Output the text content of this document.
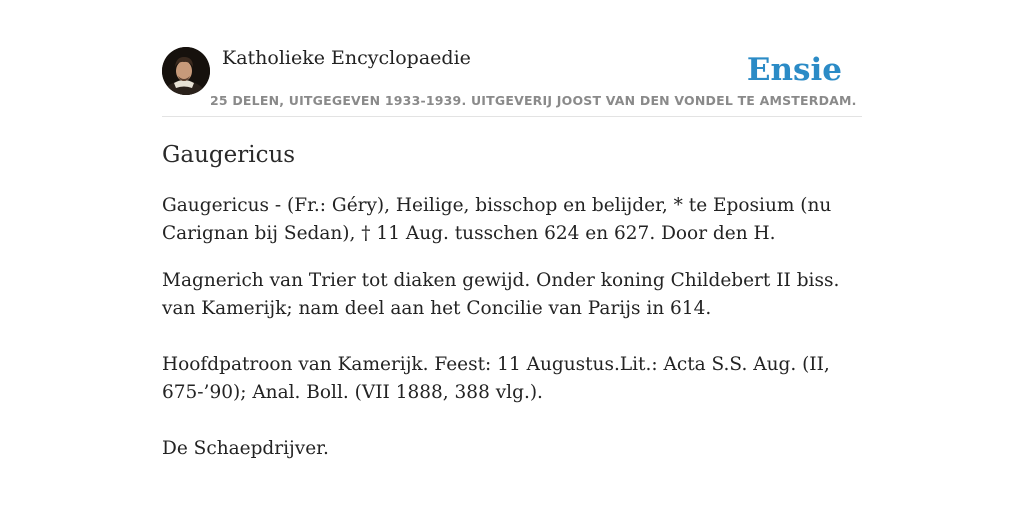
Katholieke Encyclopaedie
25 DELEN, UITGEGEVEN 1933-1939. UITGEVERIJ JOOST VAN DEN VONDEL TE AMSTERDAM.
Ensie
Gaugericus

Gaugericus - (Fr.: Géry), Heilige, bisschop en belijder, * te Eposium (nu Carignan bij Sedan), † 11 Aug. tusschen 624 en 627. Door den H.

Magnerich van Trier tot diaken gewijd. Onder koning Childebert II biss. van Kamerijk; nam deel aan het Concilie van Parijs in 614.

Hoofdpatroon van Kamerijk. Feest: 11 Augustus.Lit.: Acta S.S. Aug. (II, 675-’90); Anal. Boll. (VII 1888, 388 vlg.).

De Schaepdrijver.
